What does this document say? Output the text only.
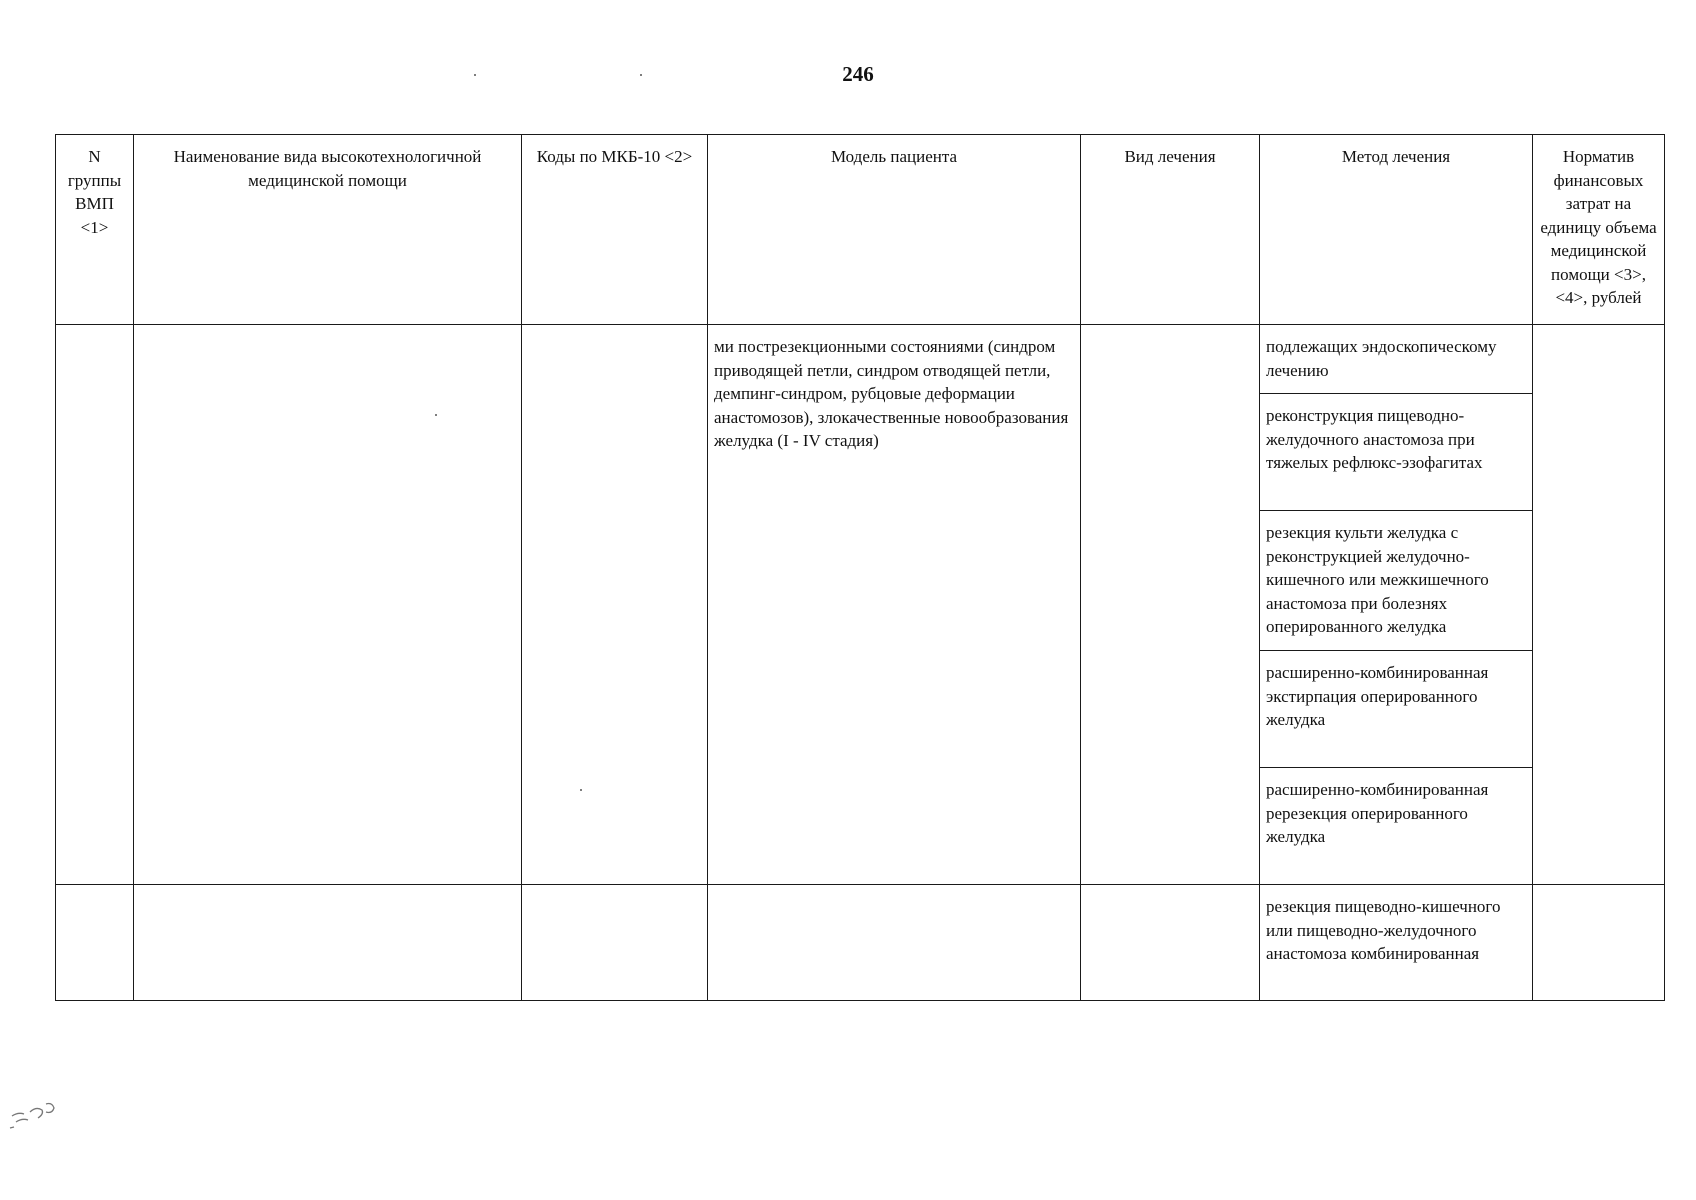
246
N группы ВМП <1>	Наименование вида высокотехнологичной медицинской помощи	Коды по МКБ-10 <2>	Модель пациента	Вид лечения	Метод лечения	Норматив финансовых затрат на единицу объема медицинской помощи <3>, <4>, рублей
			ми пострезекционными состояниями (синдром приводящей петли, синдром отводящей петли, демпинг-синдром, рубцовые деформации анастомозов), злокачественные новообразования желудка (I - IV стадия)		подлежащих эндоскопическому лечению	
					реконструкция пищеводно-желудочного анастомоза при тяжелых рефлюкс-эзофагитах	
					резекция культи желудка с реконструкцией желудочно-кишечного или межкишечного анастомоза при болезнях оперированного желудка	
					расширенно-комбинированная экстирпация оперированного желудка	
					расширенно-комбинированная ререзекция оперированного желудка	
					резекция пищеводно-кишечного или пищеводно-желудочного анастомоза комбинированная	
